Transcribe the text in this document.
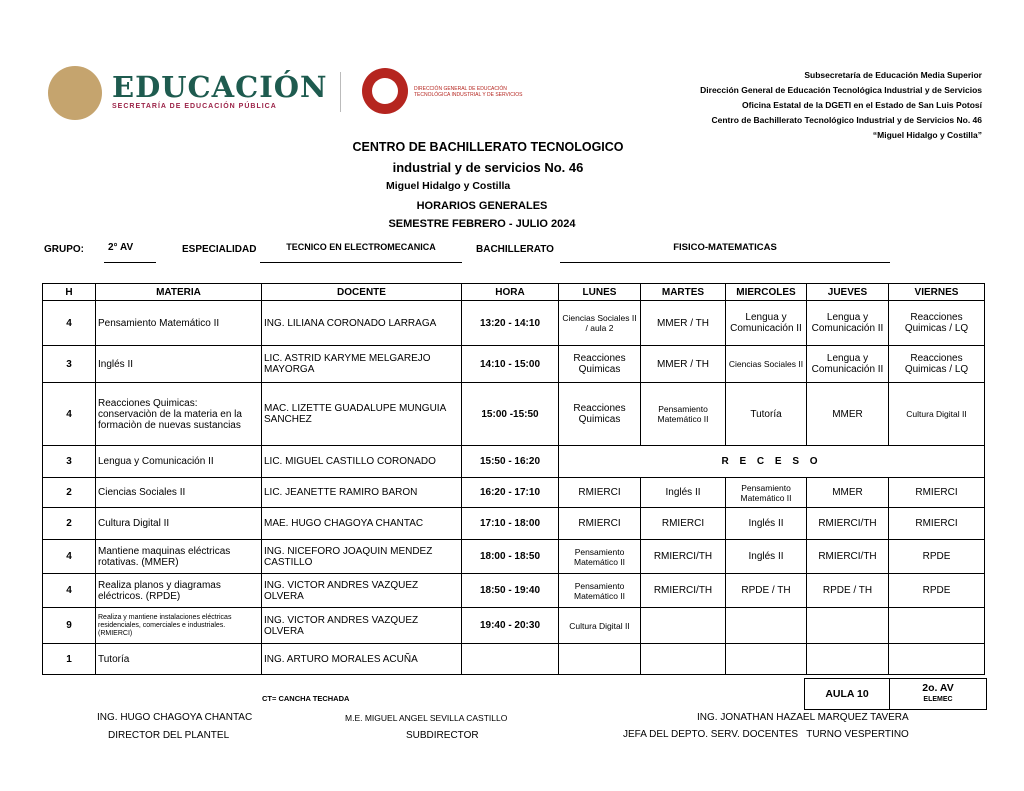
EDUCACIÓN
SECRETARÍA DE EDUCACIÓN PÚBLICA
DIRECCIÓN GENERAL DE EDUCACIÓN TECNOLÓGICA INDUSTRIAL Y DE SERVICIOS
Subsecretaría de Educación Media Superior
Dirección General de Educación Tecnológica Industrial y de Servicios
Oficina Estatal de la DGETI en el Estado de San Luis Potosí
Centro de Bachillerato Tecnológico Industrial y de Servicios No. 46
“Miguel Hidalgo y Costilla”
CENTRO DE BACHILLERATO TECNOLOGICO
industrial y de servicios No. 46
Miguel Hidalgo y Costilla
HORARIOS GENERALES
SEMESTRE FEBRERO - JULIO 2024
GRUPO:	2° AV	ESPECIALIDAD	TECNICO EN ELECTROMECANICA	BACHILLERATO	FISICO-MATEMATICAS
H	MATERIA	DOCENTE	HORA	LUNES	MARTES	MIERCOLES	JUEVES	VIERNES
4	Pensamiento Matemático II	ING. LILIANA CORONADO LARRAGA	13:20 - 14:10	Ciencias Sociales II / aula 2	MMER / TH	Lengua y Comunicación II	Lengua y Comunicación II	Reacciones Quimicas / LQ
3	Inglés II	LIC. ASTRID KARYME MELGAREJO MAYORGA	14:10 - 15:00	Reacciones Quimicas	MMER / TH	Ciencias Sociales II	Lengua y Comunicación II	Reacciones Quimicas / LQ
4	Reacciones Quimicas: conservaciòn de la materia en la formaciòn de nuevas sustancias	MAC. LIZETTE GUADALUPE MUNGUIA SANCHEZ	15:00 -15:50	Reacciones Quimicas	Pensamiento Matemático II	Tutoría	MMER	Cultura Digital II
3	Lengua y Comunicación II	LIC. MIGUEL CASTILLO CORONADO	15:50 - 16:20	R E C E S O				
2	Ciencias Sociales II	LIC. JEANETTE RAMIRO BARON	16:20 - 17:10	RMIERCI	Inglés II	Pensamiento Matemático II	MMER	RMIERCI
2	Cultura Digital II	MAE. HUGO CHAGOYA CHANTAC	17:10 - 18:00	RMIERCI	RMIERCI	Inglés II	RMIERCI/TH	RMIERCI
4	Mantiene maquinas eléctricas rotativas. (MMER)	ING. NICEFORO JOAQUIN MENDEZ CASTILLO	18:00 - 18:50	Pensamiento Matemático II	RMIERCI/TH	Inglés II	RMIERCI/TH	RPDE
4	Realiza planos y diagramas eléctricos. (RPDE)	ING. VICTOR ANDRES VAZQUEZ OLVERA	18:50 - 19:40	Pensamiento Matemático II	RMIERCI/TH	RPDE / TH	RPDE / TH	RPDE
9	Realiza y mantiene instalaciones eléctricas residenciales, comerciales e industriales. (RMIERCI)	ING. VICTOR ANDRES VAZQUEZ OLVERA	19:40 - 20:30	Cultura Digital II				
1	Tutoría	ING. ARTURO MORALES ACUÑA						
AULA 10	2o. AV
ELEMEC
CT= CANCHA TECHADA
ING. HUGO CHAGOYA CHANTAC
DIRECTOR DEL PLANTEL
M.E. MIGUEL ANGEL SEVILLA CASTILLO
SUBDIRECTOR
ING. JONATHAN HAZAEL MARQUEZ TAVERA
JEFA DEL DEPTO. SERV. DOCENTES   TURNO VESPERTINO
